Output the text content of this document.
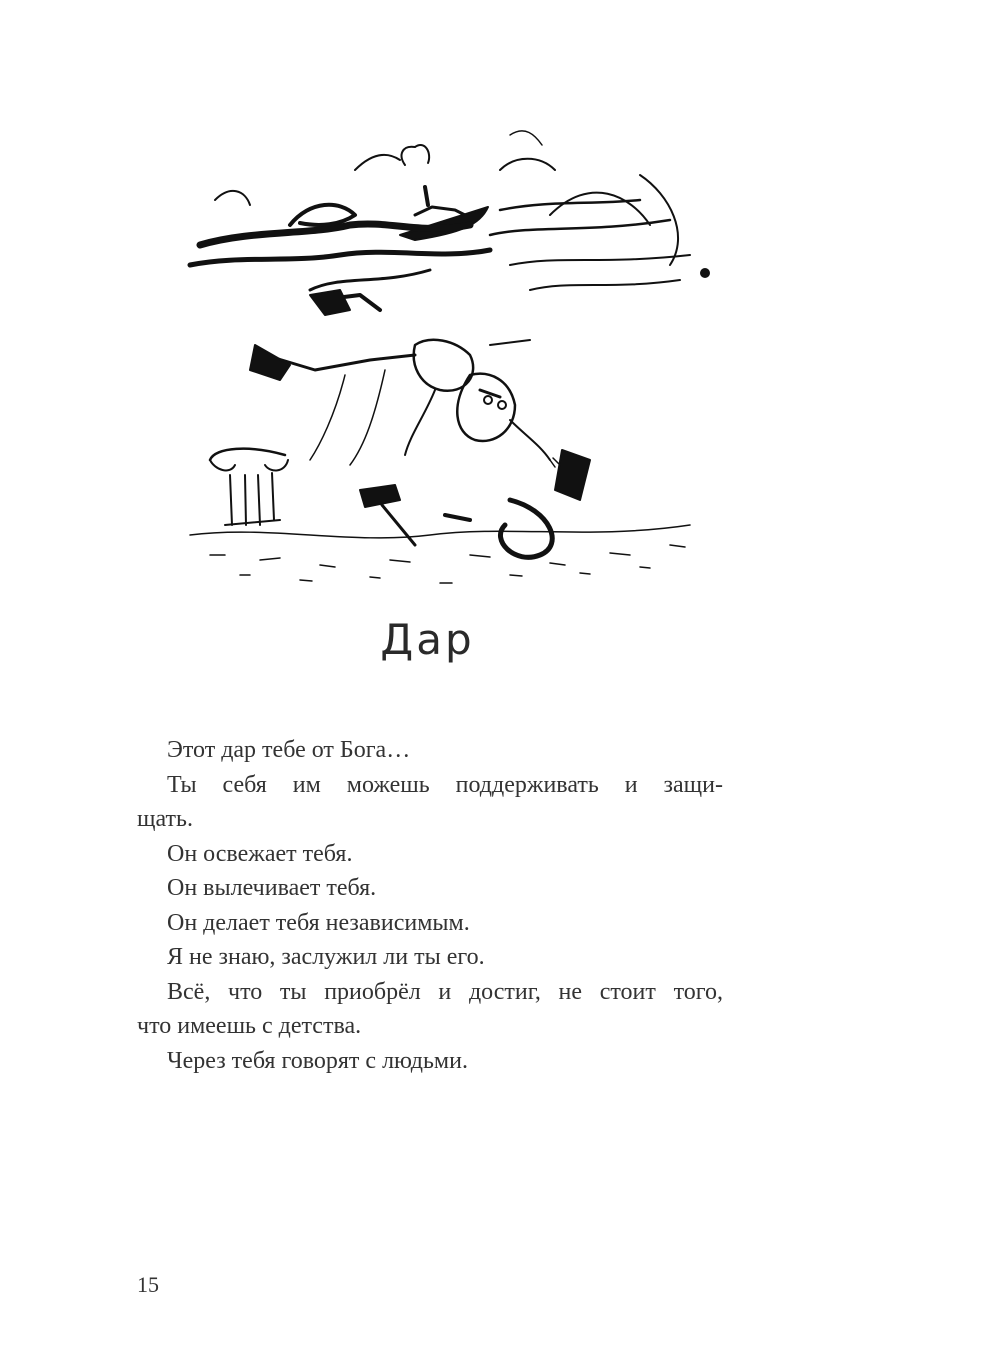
Дар
Этот дар тебе от Бога…
Ты себя им можешь поддерживать и защи-
щать.
Он освежает тебя.
Он вылечивает тебя.
Он делает тебя независимым.
Я не знаю, заслужил ли ты его.
Всё, что ты приобрёл и достиг, не стоит того,
что имеешь с детства.
Через тебя говорят с людьми.
15
